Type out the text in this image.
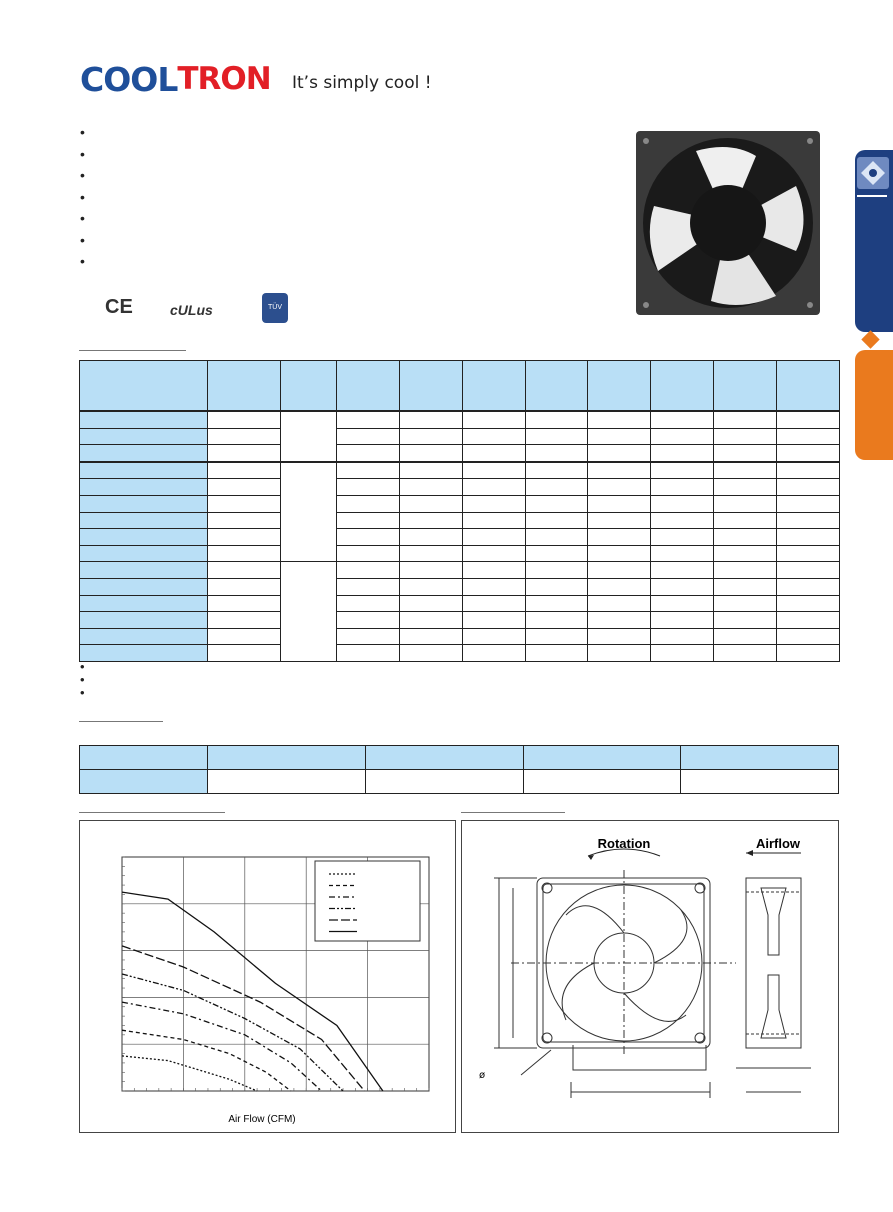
COOL TRON It’s simply cool !
•
•
•
•
•
•
•
CE	cULus	TÜV

•
•
•

Air Flow (CFM)
Rotation	Airflow
ø
